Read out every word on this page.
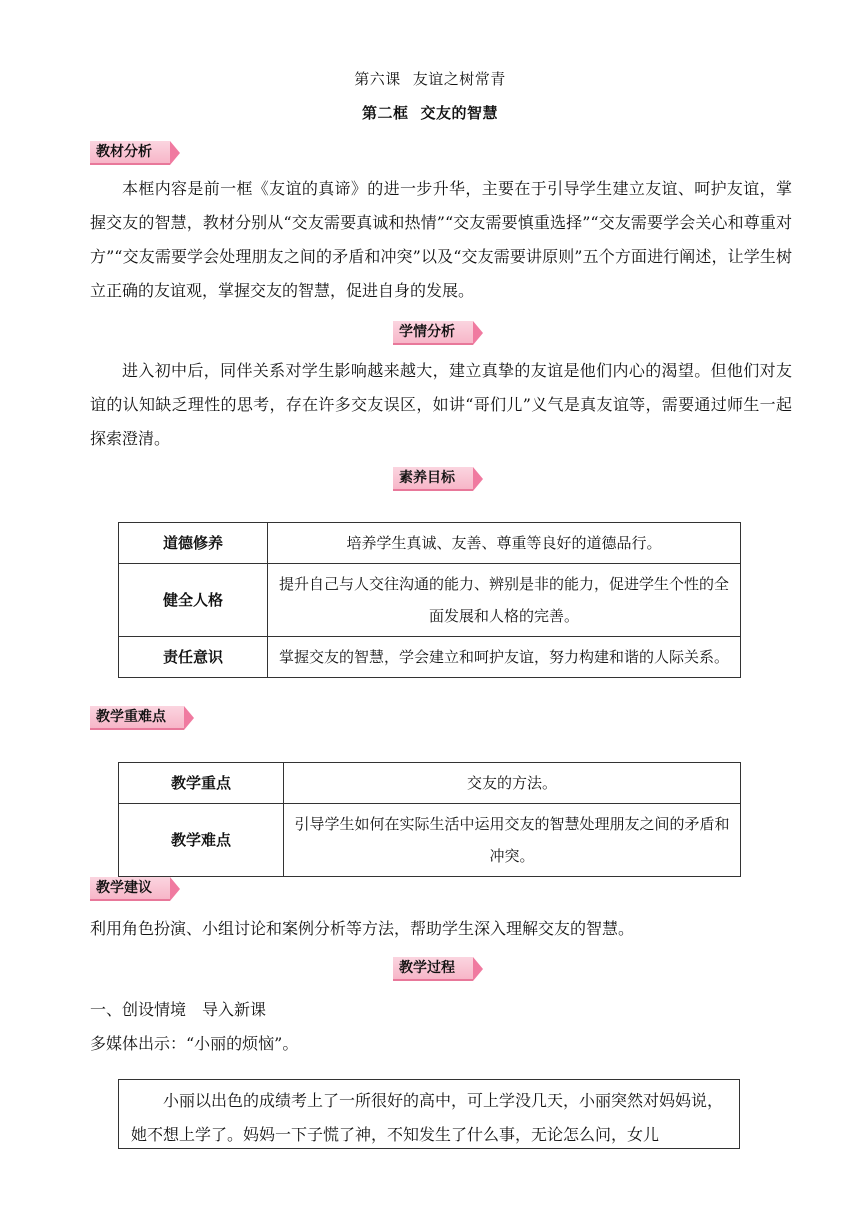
第六课 友谊之树常青
第二框 交友的智慧
教材分析
本框内容是前一框《友谊的真谛》的进一步升华，主要在于引导学生建立友谊、呵护友谊，掌握交友的智慧，教材分别从“交友需要真诚和热情”“交友需要慎重选择”“交友需要学会关心和尊重对方”“交友需要学会处理朋友之间的矛盾和冲突”以及“交友需要讲原则”五个方面进行阐述，让学生树立正确的友谊观，掌握交友的智慧，促进自身的发展。
学情分析
进入初中后，同伴关系对学生影响越来越大，建立真挚的友谊是他们内心的渴望。但他们对友谊的认知缺乏理性的思考，存在许多交友误区，如讲“哥们儿”义气是真友谊等，需要通过师生一起探索澄清。
素养目标
道德修养	培养学生真诚、友善、尊重等良好的道德品行。
健全人格	提升自己与人交往沟通的能力、辨别是非的能力，促进学生个性的全面发展和人格的完善。
责任意识	掌握交友的智慧，学会建立和呵护友谊，努力构建和谐的人际关系。
教学重难点
教学重点	交友的方法。
教学难点	引导学生如何在实际生活中运用交友的智慧处理朋友之间的矛盾和冲突。
教学建议
利用角色扮演、小组讨论和案例分析等方法，帮助学生深入理解交友的智慧。
教学过程
一、创设情境　导入新课
多媒体出示：“小丽的烦恼”。
小丽以出色的成绩考上了一所很好的高中，可上学没几天，小丽突然对妈妈说，她不想上学了。妈妈一下子慌了神，不知发生了什么事，无论怎么问，女儿
